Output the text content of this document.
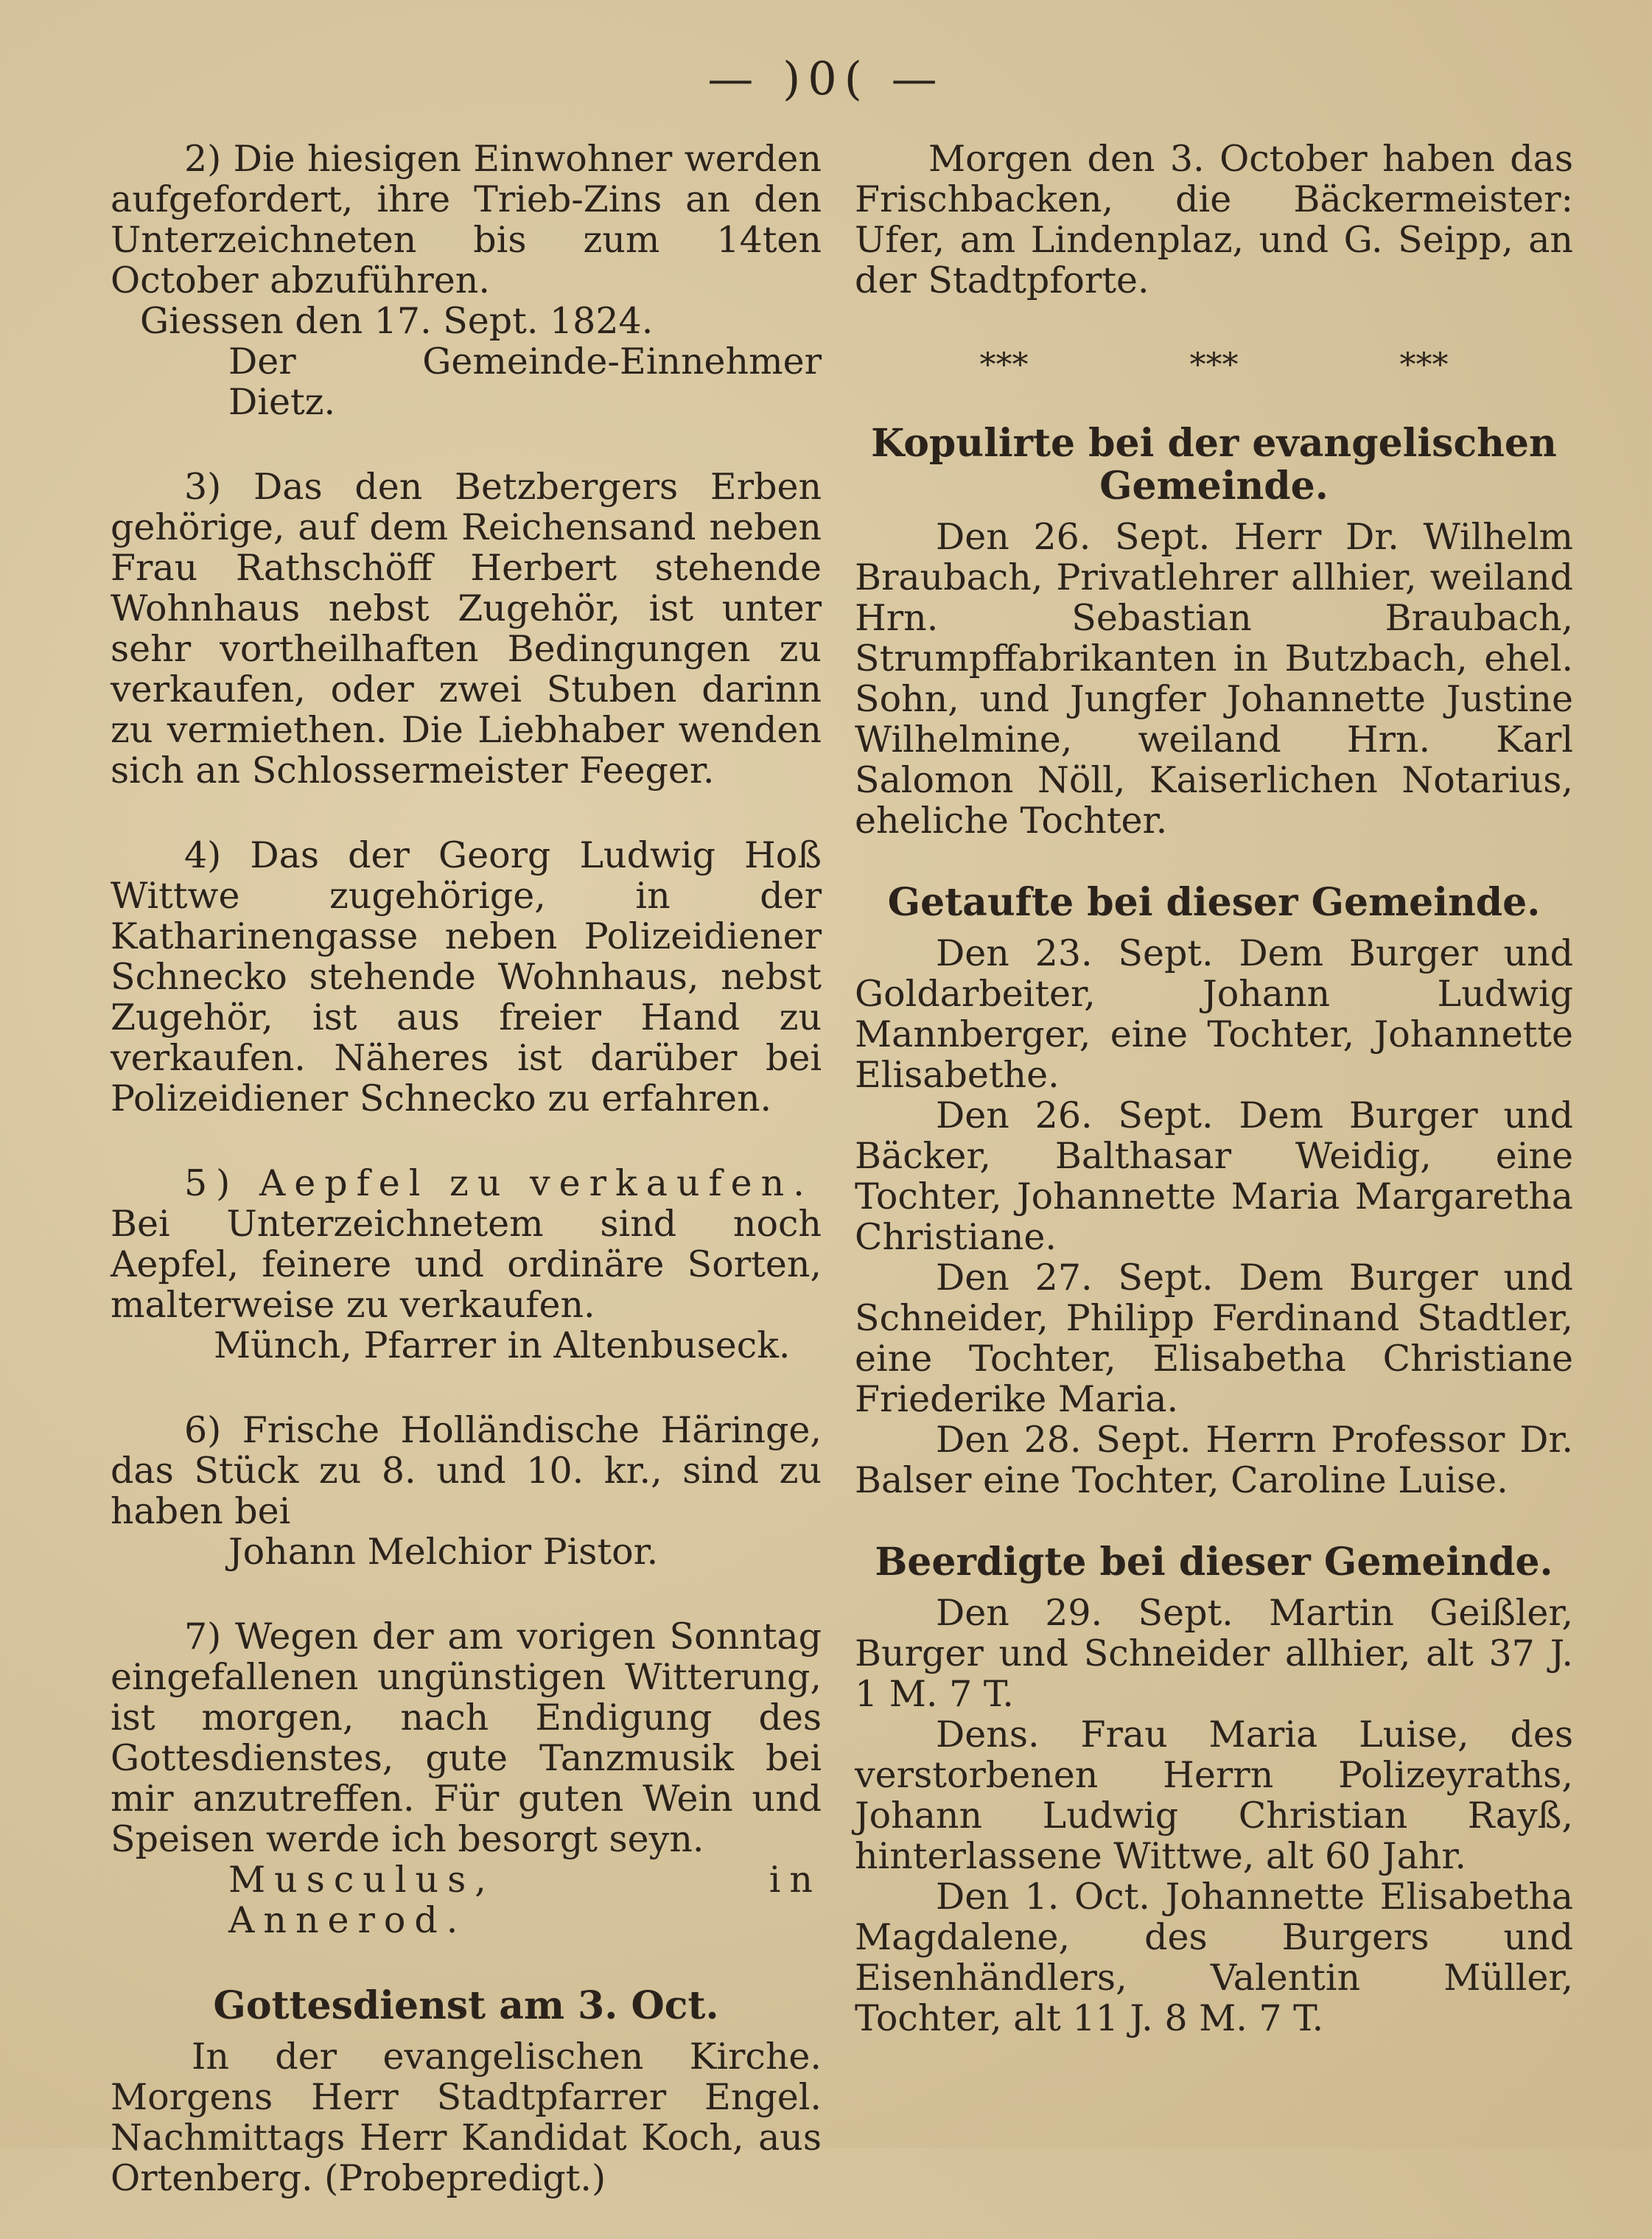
— )0( —
2) Die hiesigen Einwohner werden aufgefordert, ihre Trieb-Zins an den Unterzeichneten bis zum 14ten October abzuführen.
Giessen den 17. Sept. 1824.
Der Gemeinde-Einnehmer Dietz.
3) Das den Betzbergers Erben gehörige, auf dem Reichensand neben Frau Rathschöff Herbert stehende Wohnhaus nebst Zugehör, ist unter sehr vortheilhaften Bedingungen zu verkaufen, oder zwei Stuben darinn zu vermiethen. Die Liebhaber wenden sich an Schlossermeister Feeger.
4) Das der Georg Ludwig Hoß Wittwe zugehörige, in der Katharinengasse neben Polizeidiener Schnecko stehende Wohnhaus, nebst Zugehör, ist aus freier Hand zu verkaufen. Näheres ist darüber bei Polizeidiener Schnecko zu erfahren.
5) Aepfel zu verkaufen.
Bei Unterzeichnetem sind noch Aepfel, feinere und ordinäre Sorten, malterweise zu verkaufen.
Münch, Pfarrer in Altenbuseck.
6) Frische Holländische Häringe, das Stück zu 8. und 10. kr., sind zu haben bei
Johann Melchior Pistor.
7) Wegen der am vorigen Sonntag eingefallenen ungünstigen Witterung, ist morgen, nach Endigung des Gottesdienstes, gute Tanzmusik bei mir anzutreffen. Für guten Wein und Speisen werde ich besorgt seyn.
Musculus, in Annerod.
Gottesdienst am 3. Oct.
In der evangelischen Kirche. Morgens Herr Stadtpfarrer Engel. Nachmittags Herr Kandidat Koch, aus Ortenberg. (Probepredigt.)
Morgen den 3. October haben das Frischbacken, die Bäckermeister: Ufer, am Lindenplaz, und G. Seipp, an der Stadtpforte.
***	***	***
Kopulirte bei der evangelischen Gemeinde.

Den 26. Sept. Herr Dr. Wilhelm Braubach, Privatlehrer allhier, weiland Hrn. Sebastian Braubach, Strumpffabrikanten in Butzbach, ehel. Sohn, und Jungfer Johannette Justine Wilhelmine, weiland Hrn. Karl Salomon Nöll, Kaiserlichen Notarius, eheliche Tochter.

Getaufte bei dieser Gemeinde.

Den 23. Sept. Dem Burger und Goldarbeiter, Johann Ludwig Mannberger, eine Tochter, Johannette Elisabethe.

Den 26. Sept. Dem Burger und Bäcker, Balthasar Weidig, eine Tochter, Johannette Maria Margaretha Christiane.

Den 27. Sept. Dem Burger und Schneider, Philipp Ferdinand Stadtler, eine Tochter, Elisabetha Christiane Friederike Maria.

Den 28. Sept. Herrn Professor Dr. Balser eine Tochter, Caroline Luise.

Beerdigte bei dieser Gemeinde.

Den 29. Sept. Martin Geißler, Burger und Schneider allhier, alt 37 J. 1 M. 7 T.

Dens. Frau Maria Luise, des verstorbenen Herrn Polizeyraths, Johann Ludwig Christian Rayß, hinterlassene Wittwe, alt 60 Jahr.

Den 1. Oct. Johannette Elisabetha Magdalene, des Burgers und Eisenhändlers, Valentin Müller, Tochter, alt 11 J. 8 M. 7 T.
